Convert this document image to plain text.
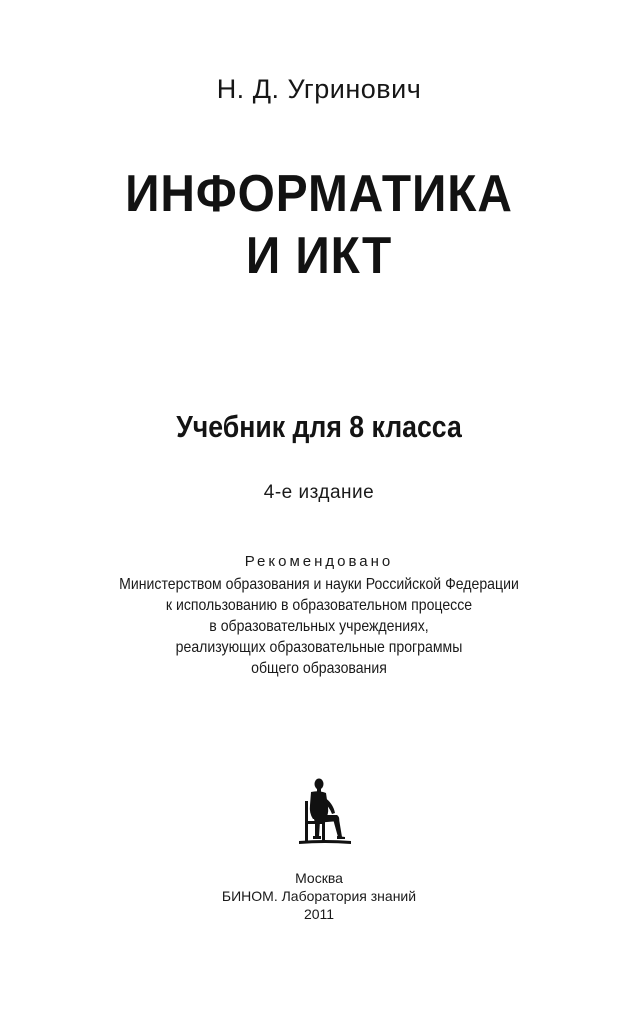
Н. Д. Угринович
ИНФОРМАТИКА
И ИКТ
Учебник для 8 класса
4-е издание
Рекомендовано
Министерством образования и науки Российской Федерации
к использованию в образовательном процессе
в образовательных учреждениях,
реализующих образовательные программы
общего образования
Москва
БИНОМ. Лаборатория знаний
2011
